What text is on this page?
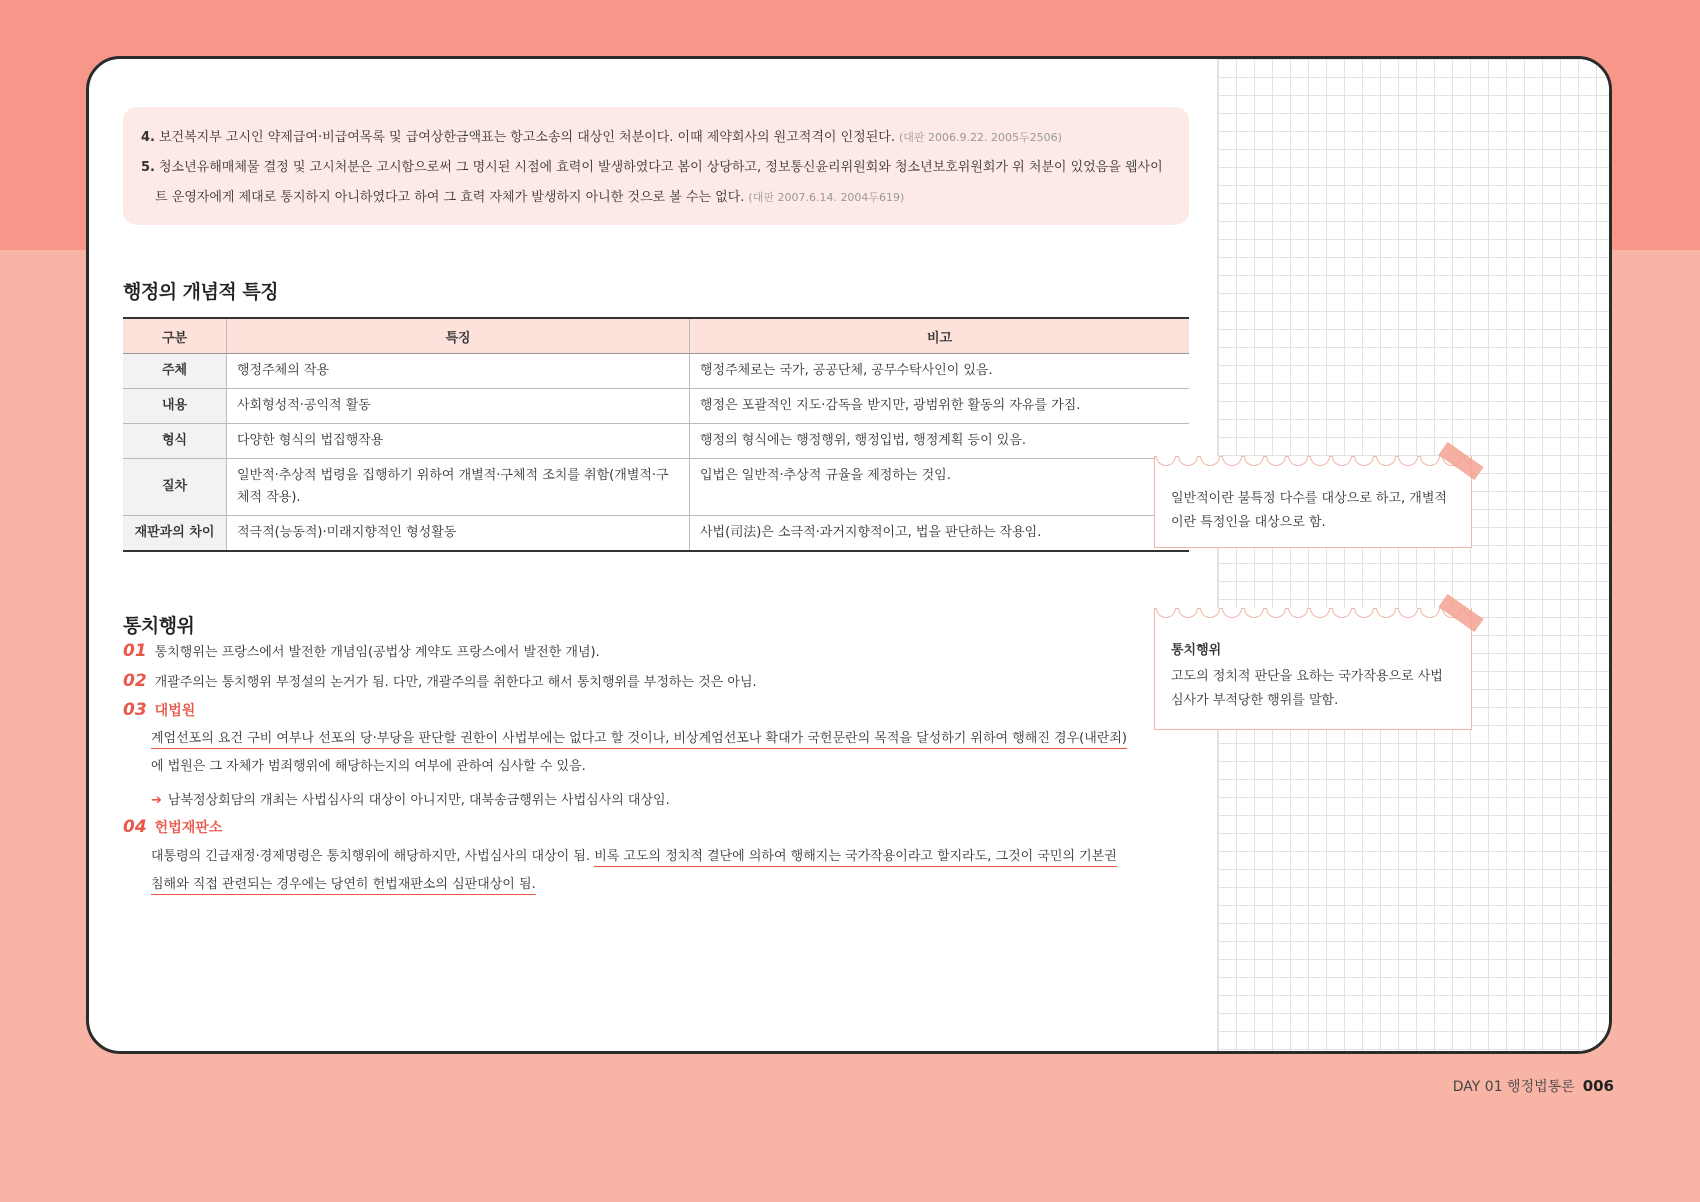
4. 보건복지부 고시인 약제급여·비급여목록 및 급여상한금액표는 항고소송의 대상인 처분이다. 이때 제약회사의 원고적격이 인정된다. (대판 2006.9.22. 2005두2506)
5. 청소년유해매체물 결정 및 고시처분은 고시함으로써 그 명시된 시점에 효력이 발생하였다고 봄이 상당하고, 정보통신윤리위원회와 청소년보호위원회가 위 처분이 있었음을 웹사이
트 운영자에게 제대로 통지하지 아니하였다고 하여 그 효력 자체가 발생하지 아니한 것으로 볼 수는 없다. (대판 2007.6.14. 2004두619)
행정의 개념적 특징
구분	특징	비고
주체	행정주체의 작용	행정주체로는 국가, 공공단체, 공무수탁사인이 있음.
내용	사회형성적·공익적 활동	행정은 포괄적인 지도·감독을 받지만, 광범위한 활동의 자유를 가짐.
형식	다양한 형식의 법집행작용	행정의 형식에는 행정행위, 행정입법, 행정계획 등이 있음.
질차	일반적·추상적 법령을 집행하기 위하여 개별적·구체적 조치를 취함(개별적·구체적 작용).	입법은 일반적·추상적 규율을 제정하는 것임.
재판과의 차이	적극적(능동적)·미래지향적인 형성활동	사법(司法)은 소극적·과거지향적이고, 법을 판단하는 작용임.
통치행위
01 통치행위는 프랑스에서 발전한 개념임(공법상 계약도 프랑스에서 발전한 개념).
02 개괄주의는 통치행위 부정설의 논거가 됨. 다만, 개괄주의를 취한다고 해서 통치행위를 부정하는 것은 아님.
03 대법원
계엄선포의 요건 구비 여부나 선포의 당·부당을 판단할 권한이 사법부에는 없다고 할 것이나, 비상계엄선포나 확대가 국헌문란의 목적을 달성하기 위하여 행해진 경우(내란죄)
에 법원은 그 자체가 범죄행위에 해당하는지의 여부에 관하여 심사할 수 있음.
➔ 남북정상회담의 개최는 사법심사의 대상이 아니지만, 대북송금행위는 사법심사의 대상임.
04 헌법재판소
대통령의 긴급재정·경제명령은 통치행위에 해당하지만, 사법심사의 대상이 됨. 비록 고도의 정치적 결단에 의하여 행해지는 국가작용이라고 할지라도, 그것이 국민의 기본권
침해와 직접 관련되는 경우에는 당연히 헌법재판소의 심판대상이 됨.
일반적이란 불특정 다수를 대상으로 하고, 개별적이란 특정인을 대상으로 함.
통치행위
고도의 정치적 판단을 요하는 국가작용으로 사법심사가 부적당한 행위를 말함.
DAY 01 행정법통론 006
